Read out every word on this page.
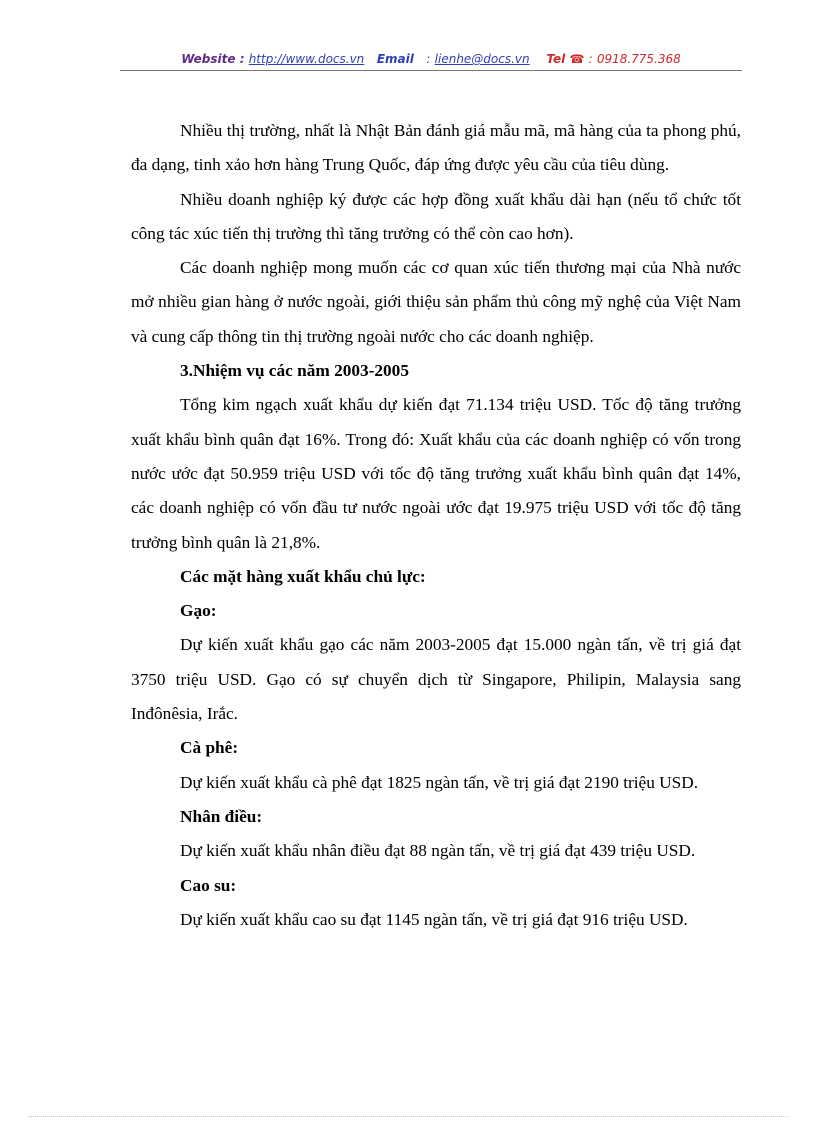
Website : http://www.docs.vn Email : lienhe@docs.vn Tel ☎ : 0918.775.368

Nhiều thị trường, nhất là Nhật Bản đánh giá mẫu mã, mã hàng của ta phong phú, đa dạng, tinh xảo hơn hàng Trung Quốc, đáp ứng được yêu cầu của tiêu dùng.

Nhiều doanh nghiệp ký được các hợp đồng xuất khẩu dài hạn (nếu tổ chức tốt công tác xúc tiến thị trường thì tăng trưởng có thể còn cao hơn).

Các doanh nghiệp mong muốn các cơ quan xúc tiến thương mại của Nhà nước mở nhiều gian hàng ở nước ngoài, giới thiệu sản phẩm thủ công mỹ nghệ của Việt Nam và cung cấp thông tin thị trường ngoài nước cho các doanh nghiệp.

3.Nhiệm vụ các năm 2003-2005

Tổng kim ngạch xuất khẩu dự kiến đạt 71.134 triệu USD. Tốc độ tăng trưởng xuất khẩu bình quân đạt 16%. Trong đó: Xuất khẩu của các doanh nghiệp có vốn trong nước ước đạt 50.959 triệu USD với tốc độ tăng trưởng xuất khẩu bình quân đạt 14%, các doanh nghiệp có vốn đầu tư nước ngoài ước đạt 19.975 triệu USD với tốc độ tăng trưởng bình quân là 21,8%.

Các mặt hàng xuất khẩu chủ lực:

Gạo:

Dự kiến xuất khẩu gạo các năm 2003-2005 đạt 15.000 ngàn tấn, về trị giá đạt 3750 triệu USD. Gạo có sự chuyển dịch từ Singapore, Philipin, Malaysia sang Inđônêsia, Irắc.

Cà phê:

Dự kiến xuất khẩu cà phê đạt 1825 ngàn tấn, về trị giá đạt 2190 triệu USD.

Nhân điều:

Dự kiến xuất khẩu nhân điều đạt 88 ngàn tấn, về trị giá đạt 439 triệu USD.

Cao su:

Dự kiến xuất khẩu cao su đạt 1145 ngàn tấn, về trị giá đạt 916 triệu USD.
